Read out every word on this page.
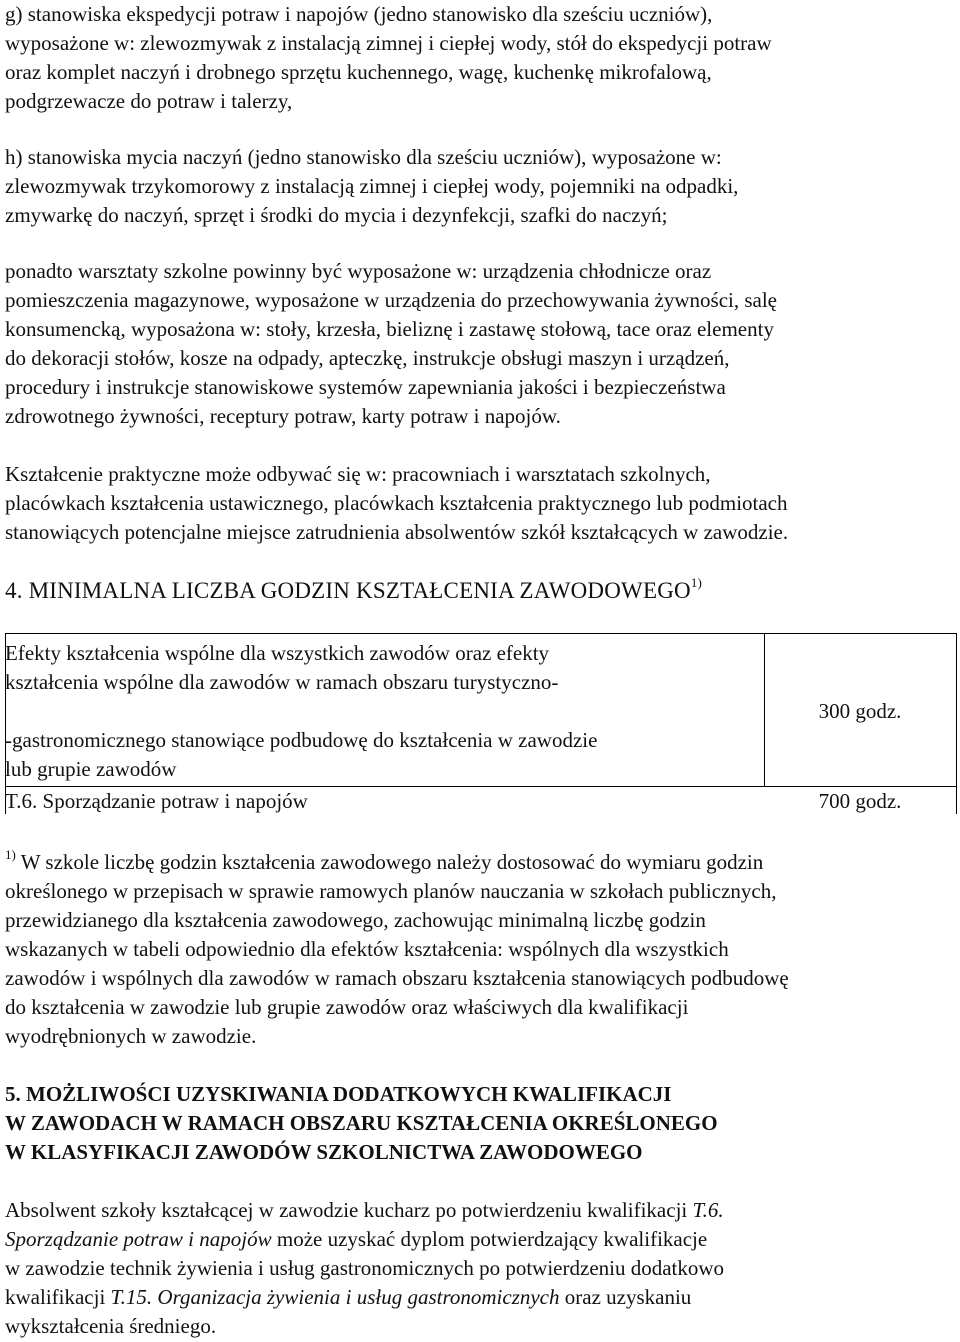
g) stanowiska ekspedycji potraw i napojów (jedno stanowisko dla sześciu uczniów),
wyposażone w: zlewozmywak z instalacją zimnej i ciepłej wody, stół do ekspedycji potraw
oraz komplet naczyń i drobnego sprzętu kuchennego, wagę, kuchenkę mikrofalową,
podgrzewacze do potraw i talerzy,
h) stanowiska mycia naczyń (jedno stanowisko dla sześciu uczniów), wyposażone w:
zlewozmywak trzykomorowy z instalacją zimnej i ciepłej wody, pojemniki na odpadki,
zmywarkę do naczyń, sprzęt i środki do mycia i dezynfekcji, szafki do naczyń;
ponadto warsztaty szkolne powinny być wyposażone w: urządzenia chłodnicze oraz
pomieszczenia magazynowe, wyposażone w urządzenia do przechowywania żywności, salę
konsumencką, wyposażona w: stoły, krzesła, bieliznę i zastawę stołową, tace oraz elementy
do dekoracji stołów, kosze na odpady, apteczkę, instrukcje obsługi maszyn i urządzeń,
procedury i instrukcje stanowiskowe systemów zapewniania jakości i bezpieczeństwa
zdrowotnego żywności, receptury potraw, karty potraw i napojów.
Kształcenie praktyczne może odbywać się w: pracowniach i warsztatach szkolnych,
placówkach kształcenia ustawicznego, placówkach kształcenia praktycznego lub podmiotach
stanowiących potencjalne miejsce zatrudnienia absolwentów szkół kształcących w zawodzie.
4. MINIMALNA LICZBA GODZIN KSZTAŁCENIA ZAWODOWEGO$^{1)}$
Efekty kształcenia wspólne dla wszystkich zawodów oraz efekty
kształcenia wspólne dla zawodów w ramach obszaru turystyczno-
-gastronomicznego stanowiące podbudowę do kształcenia w zawodzie
lub grupie zawodów
300 godz.
T.6. Sporządzanie potraw i napojów	700 godz.
$^{1)}$ W szkole liczbę godzin kształcenia zawodowego należy dostosować do wymiaru godzin
określonego w przepisach w sprawie ramowych planów nauczania w szkołach publicznych,
przewidzianego dla kształcenia zawodowego, zachowując minimalną liczbę godzin
wskazanych w tabeli odpowiednio dla efektów kształcenia: wspólnych dla wszystkich
zawodów i wspólnych dla zawodów w ramach obszaru kształcenia stanowiących podbudowę
do kształcenia w zawodzie lub grupie zawodów oraz właściwych dla kwalifikacji
wyodrębnionych w zawodzie.
5. MOŻLIWOŚCI UZYSKIWANIA DODATKOWYCH KWALIFIKACJI
W ZAWODACH W RAMACH OBSZARU KSZTAŁCENIA OKREŚLONEGO
W KLASYFIKACJI ZAWODÓW SZKOLNICTWA ZAWODOWEGO
Absolwent szkoły kształcącej w zawodzie kucharz po potwierdzeniu kwalifikacji T.6.
Sporządzanie potraw i napojów może uzyskać dyplom potwierdzający kwalifikacje
w zawodzie technik żywienia i usług gastronomicznych po potwierdzeniu dodatkowo
kwalifikacji T.15. Organizacja żywienia i usług gastronomicznych oraz uzyskaniu
wykształcenia średniego.
